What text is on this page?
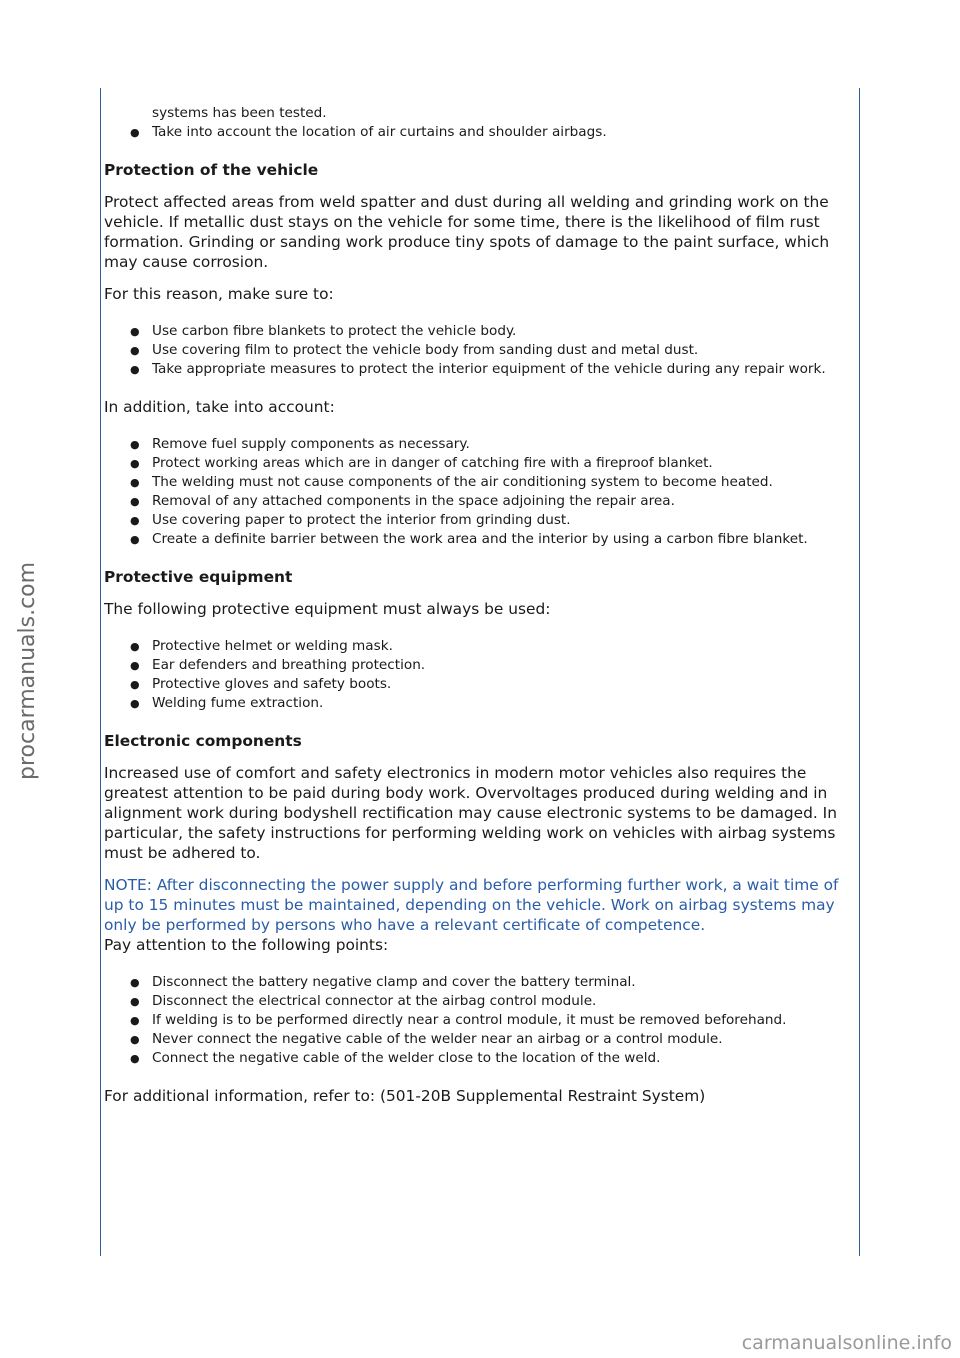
procarmanuals.com
carmanualsonline.info
systems has been tested.
● Take into account the location of air curtains and shoulder airbags.
Protection of the vehicle

Protect affected areas from weld spatter and dust during all welding and grinding work on the vehicle. If metallic dust stays on the vehicle for some time, there is the likelihood of film rust formation. Grinding or sanding work produce tiny spots of damage to the paint surface, which may cause corrosion.

For this reason, make sure to:

● Use carbon fibre blankets to protect the vehicle body.
● Use covering film to protect the vehicle body from sanding dust and metal dust.
● Take appropriate measures to protect the interior equipment of the vehicle during any repair work.

In addition, take into account:

● Remove fuel supply components as necessary.
● Protect working areas which are in danger of catching fire with a fireproof blanket.
● The welding must not cause components of the air conditioning system to become heated.
● Removal of any attached components in the space adjoining the repair area.
● Use covering paper to protect the interior from grinding dust.
● Create a definite barrier between the work area and the interior by using a carbon fibre blanket.
Protective equipment

The following protective equipment must always be used:

● Protective helmet or welding mask.
● Ear defenders and breathing protection.
● Protective gloves and safety boots.
● Welding fume extraction.
Electronic components

Increased use of comfort and safety electronics in modern motor vehicles also requires the greatest attention to be paid during body work. Overvoltages produced during welding and in alignment work during bodyshell rectification may cause electronic systems to be damaged. In particular, the safety instructions for performing welding work on vehicles with airbag systems must be adhered to.

NOTE: After disconnecting the power supply and before performing further work, a wait time of up to 15 minutes must be maintained, depending on the vehicle. Work on airbag systems may only be performed by persons who have a relevant certificate of competence.

Pay attention to the following points:

● Disconnect the battery negative clamp and cover the battery terminal.
● Disconnect the electrical connector at the airbag control module.
● If welding is to be performed directly near a control module, it must be removed beforehand.
● Never connect the negative cable of the welder near an airbag or a control module.
● Connect the negative cable of the welder close to the location of the weld.

For additional information, refer to: (501-20B Supplemental Restraint System)
